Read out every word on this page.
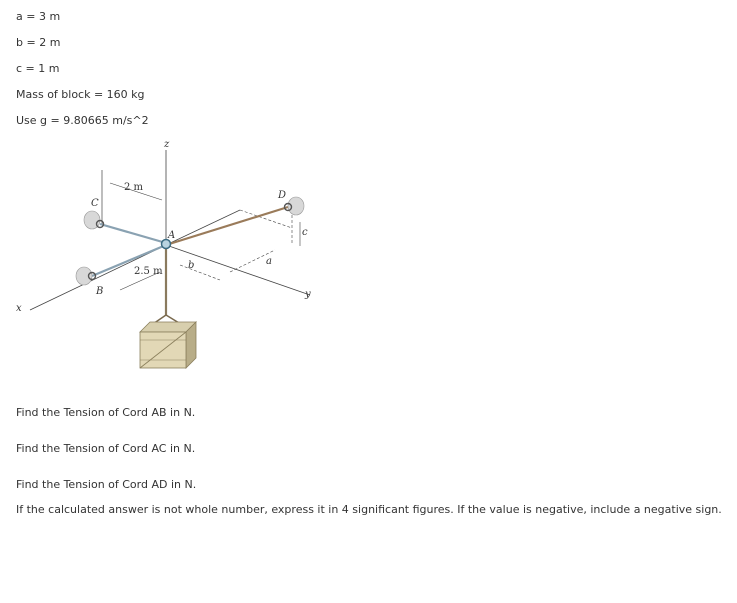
a = 3 m
b = 2 m
c = 1 m
Mass of block = 160 kg
Use g = 9.80665 m/s^2
z
x
y
2 m
2.5 m
b	a
c
C
B
A
D
Find the Tension of Cord AB in N.
Find the Tension of Cord AC in N.
Find the Tension of Cord AD in N.
If the calculated answer is not whole number, express it in 4 significant figures. If the value is negative, include a negative sign.
